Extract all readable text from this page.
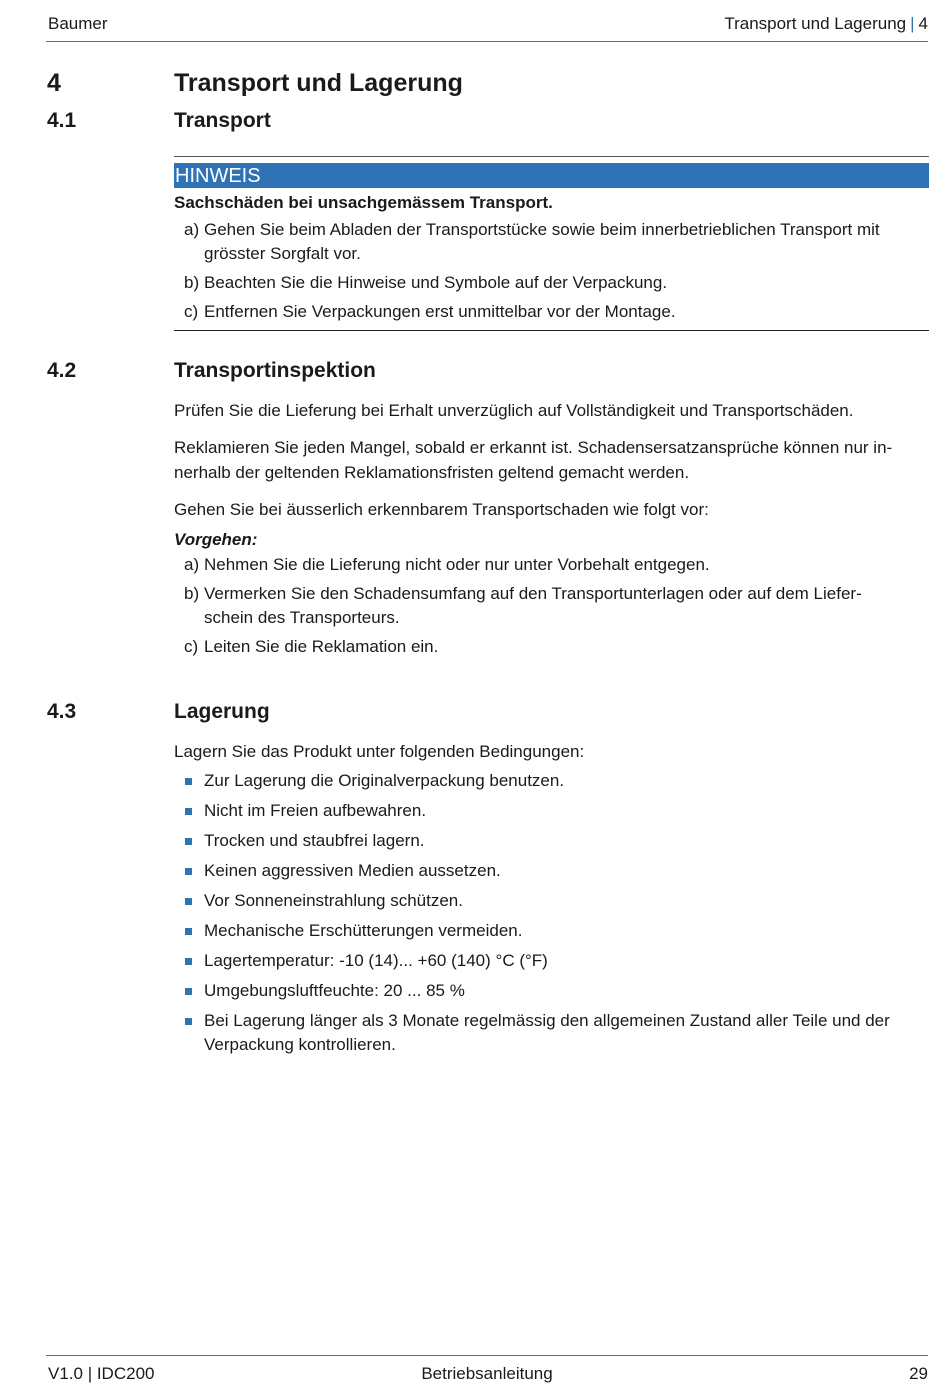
Baumer	Transport und Lagerung | 4
4	Transport und Lagerung
4.1	Transport
HINWEIS
Sachschäden bei unsachgemässem Transport.
a) Gehen Sie beim Abladen der Transportstücke sowie beim innerbetrieblichen Transport mit grösster Sorgfalt vor.
b) Beachten Sie die Hinweise und Symbole auf der Verpackung.
c) Entfernen Sie Verpackungen erst unmittelbar vor der Montage.
4.2	Transportinspektion
Prüfen Sie die Lieferung bei Erhalt unverzüglich auf Vollständigkeit und Transportschäden.
Reklamieren Sie jeden Mangel, sobald er erkannt ist. Schadensersatzansprüche können nur in-
nerhalb der geltenden Reklamationsfristen geltend gemacht werden.
Gehen Sie bei äusserlich erkennbarem Transportschaden wie folgt vor:
Vorgehen:
a) Nehmen Sie die Lieferung nicht oder nur unter Vorbehalt entgegen.
b) Vermerken Sie den Schadensumfang auf den Transportunterlagen oder auf dem Liefer-
schein des Transporteurs.
c) Leiten Sie die Reklamation ein.
4.3	Lagerung
Lagern Sie das Produkt unter folgenden Bedingungen:
Zur Lagerung die Originalverpackung benutzen.
Nicht im Freien aufbewahren.
Trocken und staubfrei lagern.
Keinen aggressiven Medien aussetzen.
Vor Sonneneinstrahlung schützen.
Mechanische Erschütterungen vermeiden.
Lagertemperatur: -10 (14)... +60 (140) °C (°F)
Umgebungsluftfeuchte: 20 ... 85 %
Bei Lagerung länger als 3 Monate regelmässig den allgemeinen Zustand aller Teile und der
Verpackung kontrollieren.
V1.0 | IDC200	Betriebsanleitung	29
